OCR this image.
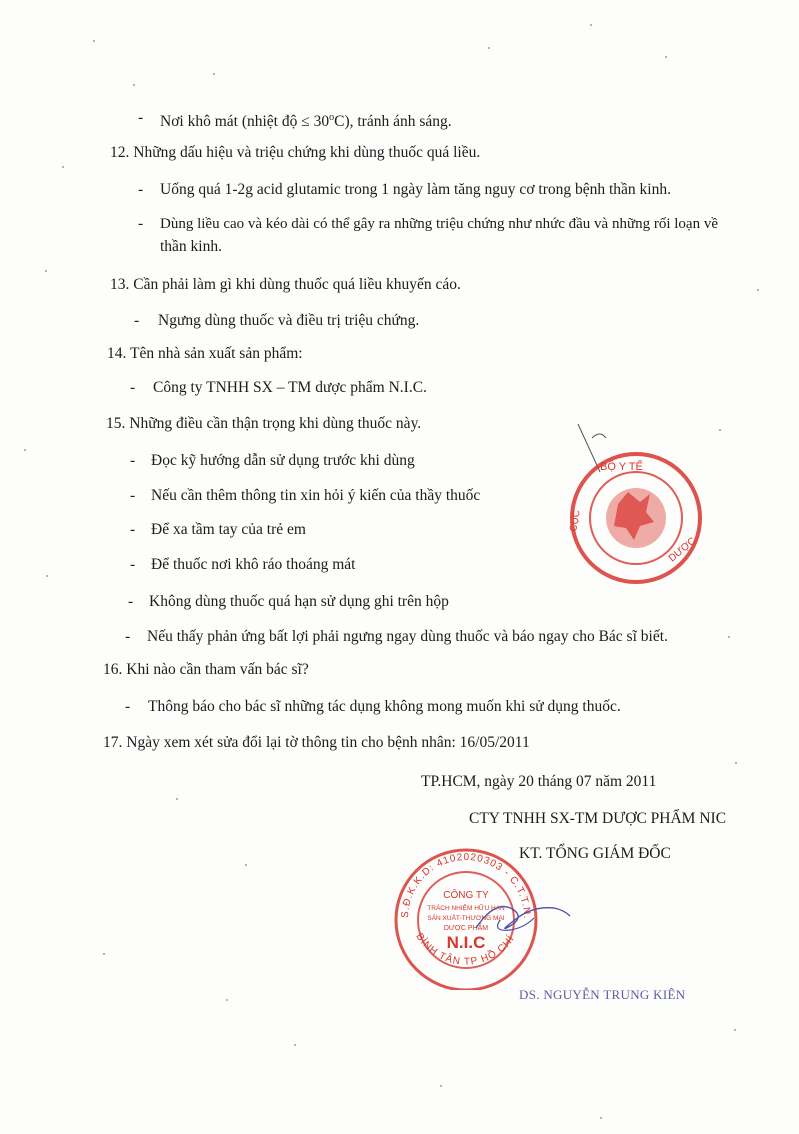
- Nơi khô mát (nhiệt độ ≤ $30^oC$), tránh ánh sáng.
12. Những dấu hiệu và triệu chứng khi dùng thuốc quá liều.
- Uống quá 1-2g acid glutamic trong 1 ngày làm tăng nguy cơ trong bệnh thần kinh.
- Dùng liều cao và kéo dài có thể gây ra những triệu chứng như nhức đầu và những rối loạn về
thần kinh.
13. Cần phải làm gì khi dùng thuốc quá liều khuyến cáo.
- Ngưng dùng thuốc và điều trị triệu chứng.
14. Tên nhà sản xuất sản phẩm:
- Công ty TNHH SX – TM dược phẩm N.I.C.
15. Những điều cần thận trọng khi dùng thuốc này.
- Đọc kỹ hướng dẫn sử dụng trước khi dùng
- Nếu cần thêm thông tin xin hỏi ý kiến của thầy thuốc
- Để xa tầm tay của trẻ em
- Để thuốc nơi khô ráo thoáng mát
- Không dùng thuốc quá hạn sử dụng ghi trên hộp
- Nếu thấy phản ứng bất lợi phải ngưng ngay dùng thuốc và báo ngay cho Bác sĩ biết.
16. Khi nào cần tham vấn bác sĩ?
- Thông báo cho bác sĩ những tác dụng không mong muốn khi sử dụng thuốc.
17. Ngày xem xét sửa đổi lại tờ thông tin cho bệnh nhân: 16/05/2011
TP.HCM, ngày 20 tháng 07 năm 2011
CTY TNHH SX-TM DƯỢC PHẨM NIC
KT. TỔNG GIÁM ĐỐC
DS. NGUYỄN TRUNG KIÊN
BỘ Y TẾ
CỤC
DƯỢC
S.Đ.K.K.D: 4102020303 - C.T.T.N.
BÌNH TÂN TP HỒ CHÍ
CÔNG TY
TRÁCH NHIỆM HỮU HẠN
SẢN XUẤT-THƯƠNG MẠI
DƯỢC PHẨM
N.I.C
